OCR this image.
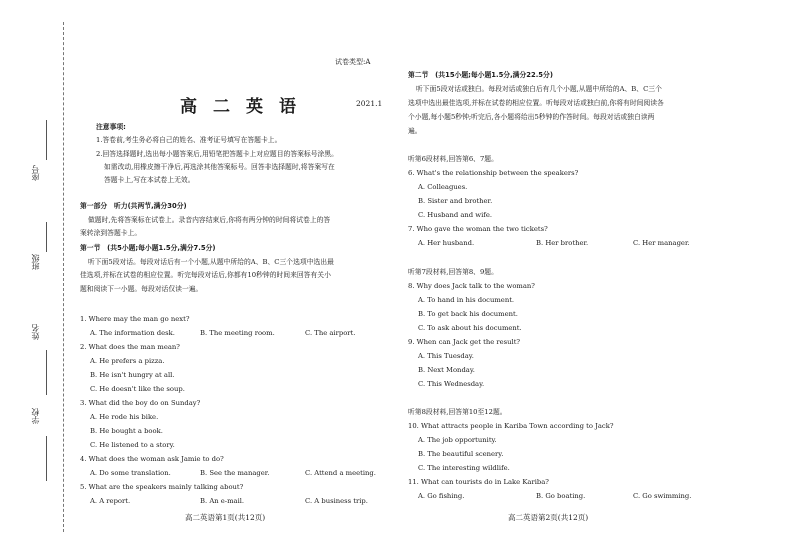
座号
班级
姓名
学校
试卷类型:A
高二英语	2021.1
注意事项:
1.答卷前,考生务必将自己的姓名、准考证号填写在答题卡上。
2.回答选择题时,选出每小题答案后,用铅笔把答题卡上对应题目的答案标号涂黑。
如需改动,用橡皮擦干净后,再选涂其他答案标号。回答非选择题时,将答案写在
答题卡上,写在本试卷上无效。
第一部分　听力(共两节,满分30分)
做题时,先将答案标在试卷上。录音内容结束后,你将有两分钟的时间将试卷上的答
案转涂到答题卡上。
第一节　(共5小题;每小题1.5分,满分7.5分)
听下面5段对话。每段对话后有一个小题,从题中所给的A、B、C三个选项中选出最
佳选项,并标在试卷的相应位置。听完每段对话后,你都有10秒钟的时间来回答有关小
题和阅读下一小题。每段对话仅读一遍。
1. Where may the man go next?
A. The information desk.	B. The meeting room.	C. The airport.
2. What does the man mean?
A. He prefers a pizza.
B. He isn't hungry at all.
C. He doesn't like the soup.
3. What did the boy do on Sunday?
A. He rode his bike.
B. He bought a book.
C. He listened to a story.
4. What does the woman ask Jamie to do?
A. Do some translation.	B. See the manager.	C. Attend a meeting.
5. What are the speakers mainly talking about?
A. A report.	B. An e-mail.	C. A business trip.
高二英语第1页(共12页)
第二节　(共15小题;每小题1.5分,满分22.5分)
听下面5段对话或独白。每段对话或独白后有几个小题,从题中所给的A、B、C三个
选项中选出最佳选项,并标在试卷的相应位置。听每段对话或独白前,你将有时间阅读各
个小题,每小题5秒钟;听完后,各小题将给出5秒钟的作答时间。每段对话或独白读两
遍。
听第6段材料,回答第6、7题。
6. What's the relationship between the speakers?
A. Colleagues.
B. Sister and brother.
C. Husband and wife.
7. Who gave the woman the two tickets?
A. Her husband.	B. Her brother.	C. Her manager.
听第7段材料,回答第8、9题。
8. Why does Jack talk to the woman?
A. To hand in his document.
B. To get back his document.
C. To ask about his document.
9. When can Jack get the result?
A. This Tuesday.
B. Next Monday.
C. This Wednesday.
听第8段材料,回答第10至12题。
10. What attracts people in Kariba Town according to Jack?
A. The job opportunity.
B. The beautiful scenery.
C. The interesting wildlife.
11. What can tourists do in Lake Kariba?
A. Go fishing.	B. Go boating.	C. Go swimming.
高二英语第2页(共12页)
